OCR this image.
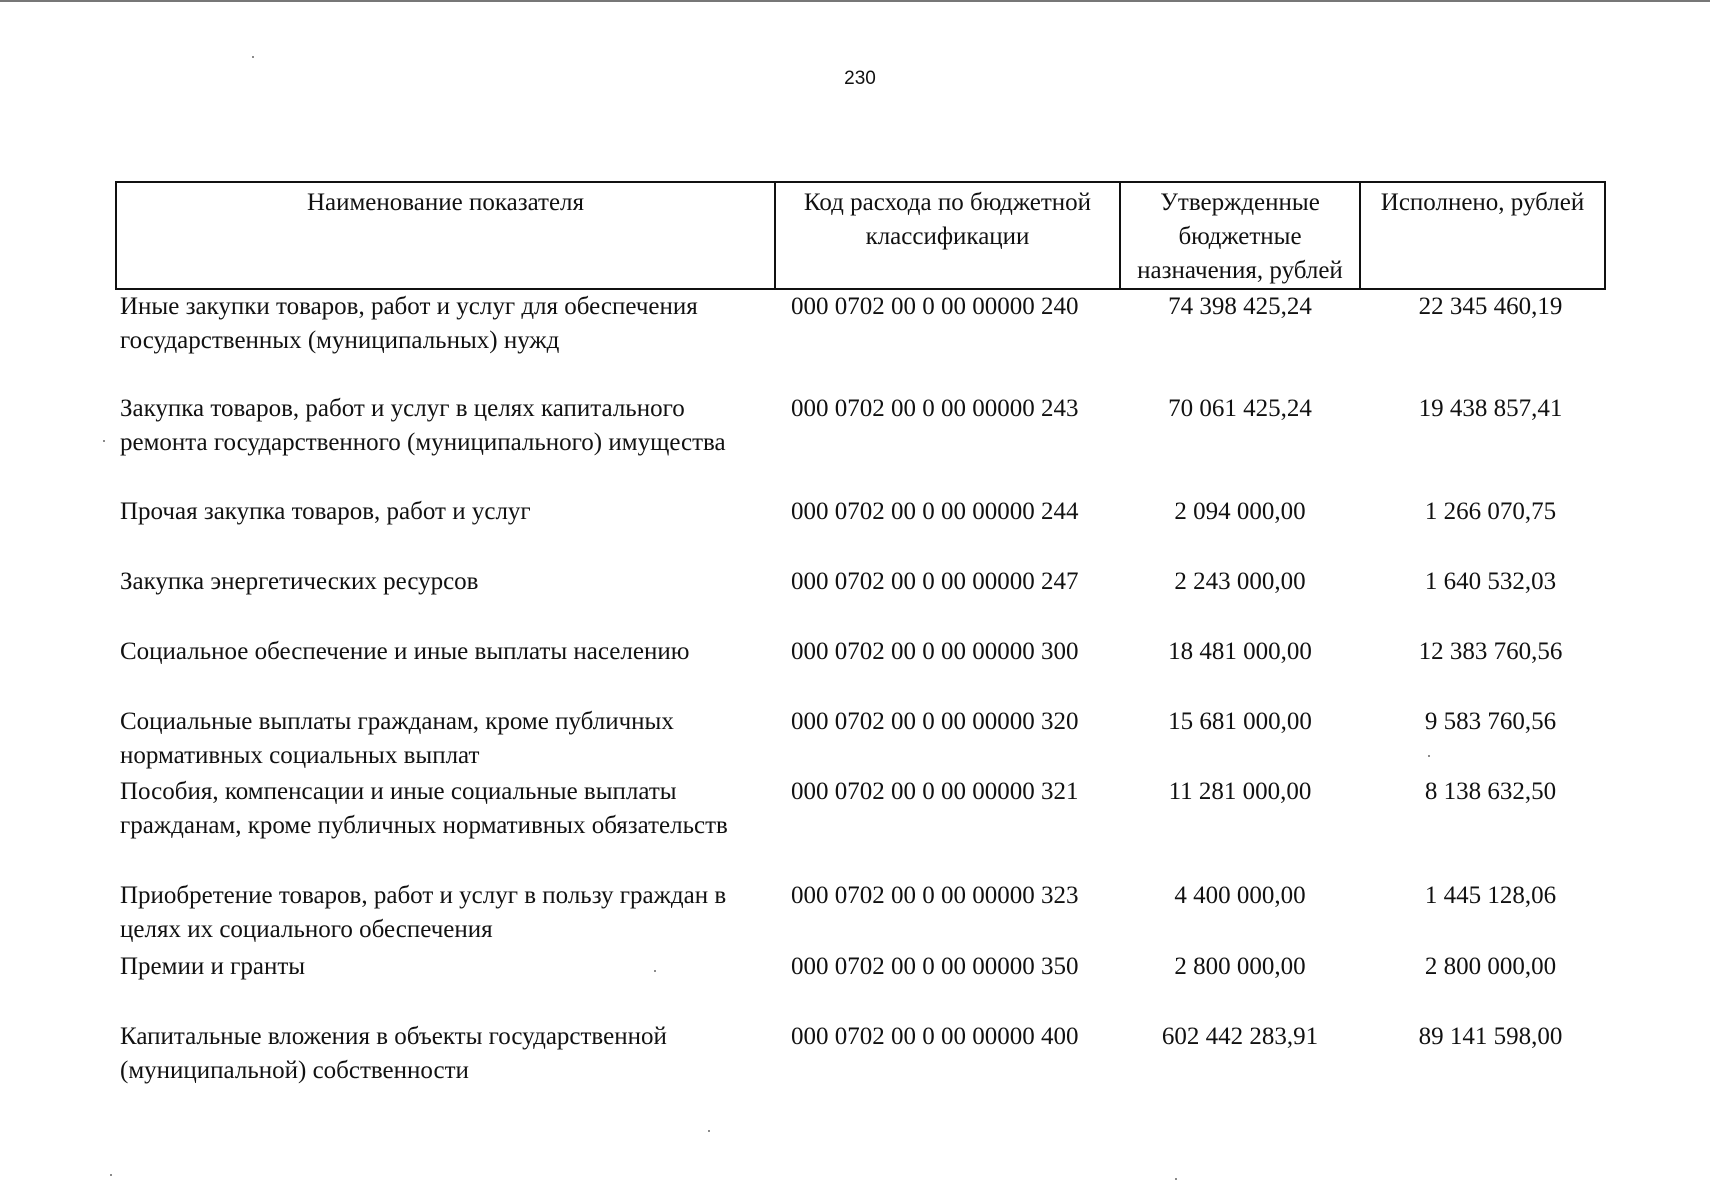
230
Наименование показателя	Код расхода по бюджетной классификации	Утвержденные бюджетные назначения, рублей	Исполнено, рублей
Иные закупки товаров, работ и услуг для обеспечения государственных (муниципальных) нужд	000 0702 00 0 00 00000 240	74 398 425,24	22 345 460,19
Закупка товаров, работ и услуг в целях капитального ремонта государственного (муниципального) имущества	000 0702 00 0 00 00000 243	70 061 425,24	19 438 857,41
Прочая закупка товаров, работ и услуг	000 0702 00 0 00 00000 244	2 094 000,00	1 266 070,75
Закупка энергетических ресурсов	000 0702 00 0 00 00000 247	2 243 000,00	1 640 532,03
Социальное обеспечение и иные выплаты населению	000 0702 00 0 00 00000 300	18 481 000,00	12 383 760,56
Социальные выплаты гражданам, кроме публичных нормативных социальных выплат	000 0702 00 0 00 00000 320	15 681 000,00	9 583 760,56
Пособия, компенсации и иные социальные выплаты гражданам, кроме публичных нормативных обязательств	000 0702 00 0 00 00000 321	11 281 000,00	8 138 632,50
Приобретение товаров, работ и услуг в пользу граждан в целях их социального обеспечения	000 0702 00 0 00 00000 323	4 400 000,00	1 445 128,06
Премии и гранты	000 0702 00 0 00 00000 350	2 800 000,00	2 800 000,00
Капитальные вложения в объекты государственной (муниципальной) собственности	000 0702 00 0 00 00000 400	602 442 283,91	89 141 598,00
